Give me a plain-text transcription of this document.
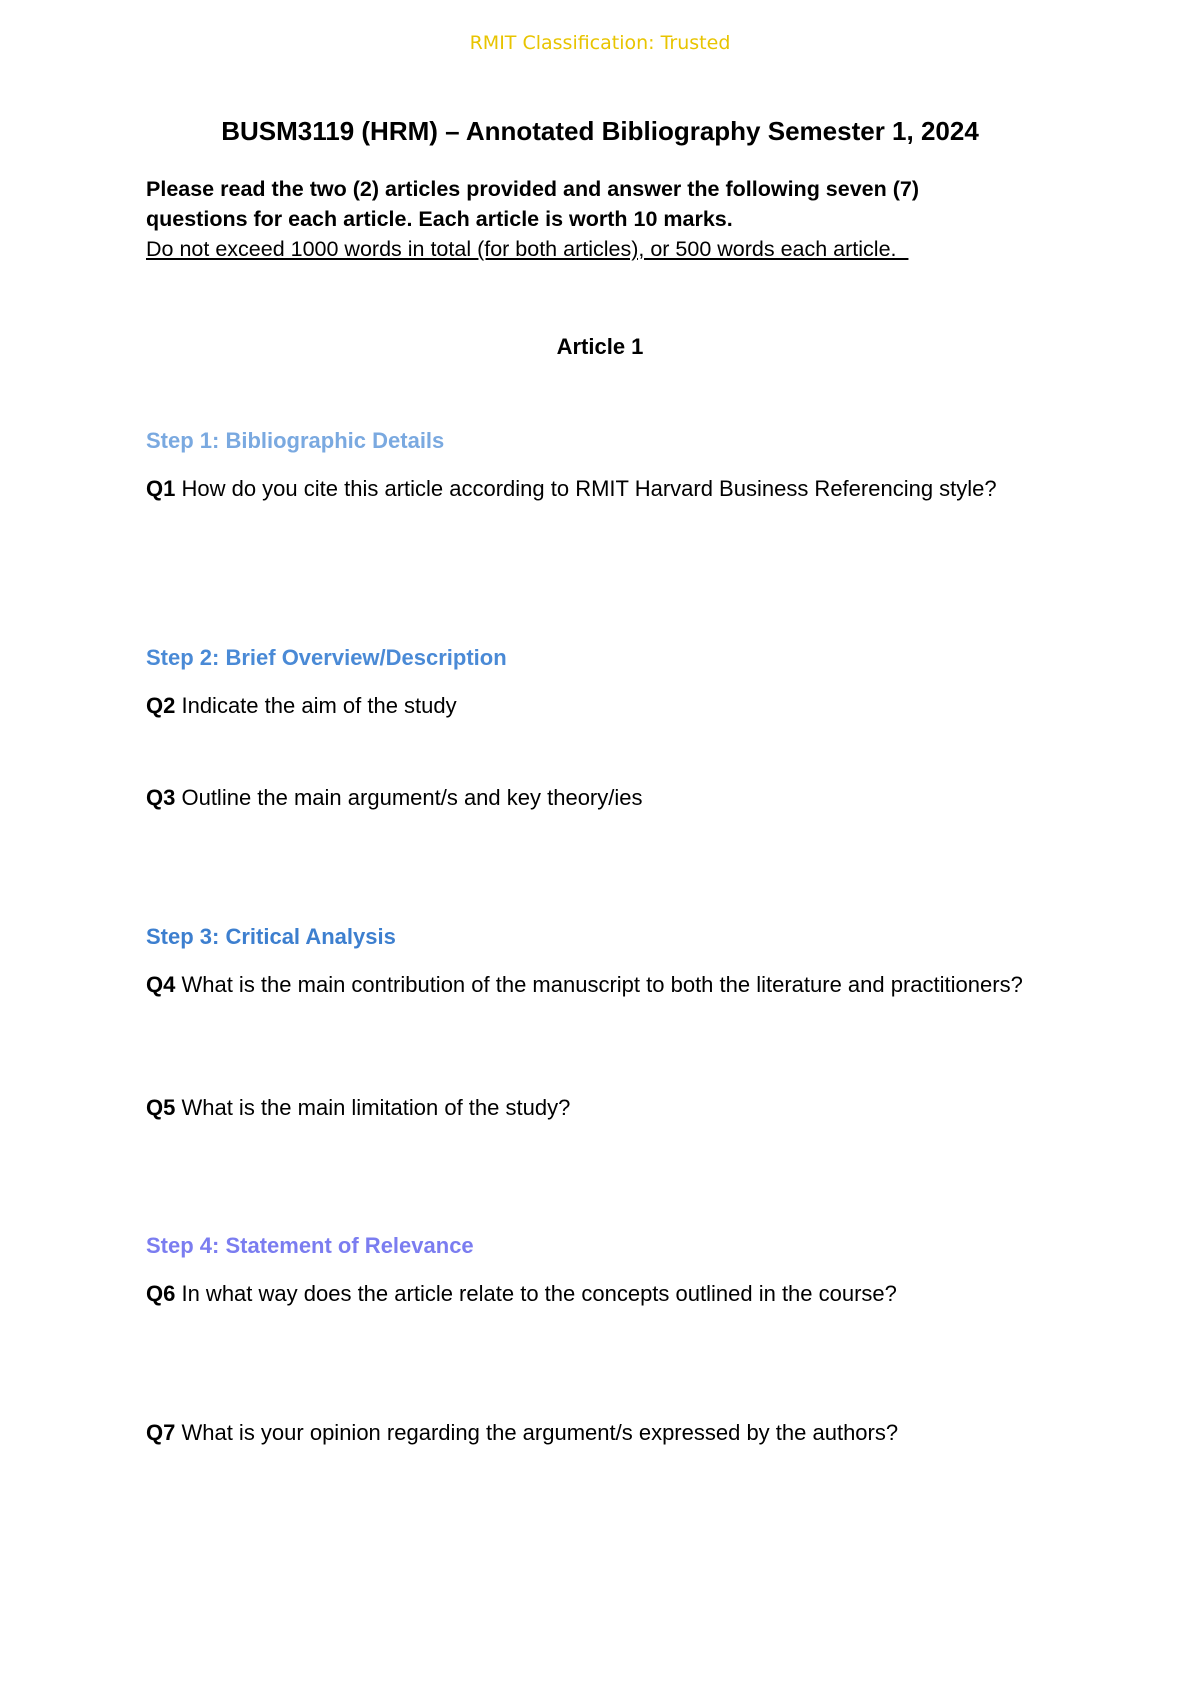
RMIT Classification: Trusted
BUSM3119 (HRM) – Annotated Bibliography Semester 1, 2024
Please read the two (2) articles provided and answer the following seven (7)
questions for each article. Each article is worth 10 marks.
Do not exceed 1000 words in total (for both articles), or 500 words each article.
Article 1
Step 1: Bibliographic Details
Q1 How do you cite this article according to RMIT Harvard Business Referencing style?
Step 2: Brief Overview/Description
Q2 Indicate the aim of the study
Q3 Outline the main argument/s and key theory/ies
Step 3: Critical Analysis
Q4 What is the main contribution of the manuscript to both the literature and practitioners?
Q5 What is the main limitation of the study?
Step 4: Statement of Relevance
Q6 In what way does the article relate to the concepts outlined in the course?
Q7 What is your opinion regarding the argument/s expressed by the authors?
